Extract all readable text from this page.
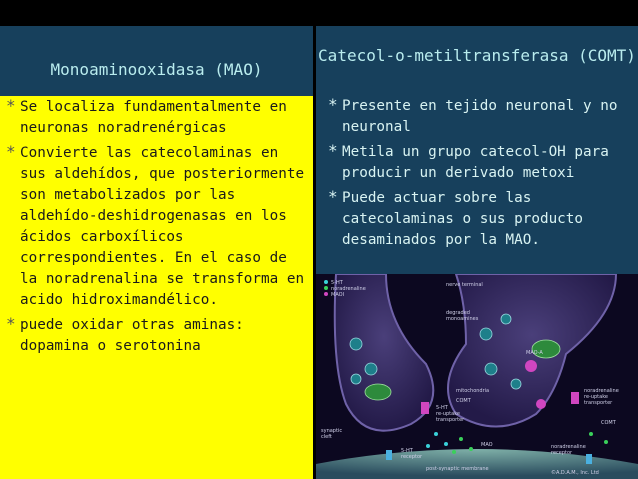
Monoaminooxidasa (MAO)
Catecol-o-metiltransferasa (COMT)
* Se localiza fundamentalmente en neuronas noradrenérgicas
* Convierte las catecolaminas en sus aldehídos, que posteriormente son metabolizados por las aldehído-deshidrogenasas en los ácidos carboxílicos correspondientes. En el caso de la noradrenalina se transforma en acido hidroximandélico.
* puede oxidar otras aminas: dopamina o serotonina
* Presente en tejido neuronal y no neuronal
* Metila un grupo catecol-OH para producir un derivado metoxi
* Puede actuar sobre las catecolaminas o sus producto desaminados por la MAO.
5-HT
noradrenaline
MAOI
nerve terminal
degraded
monoamines
MAO-A
mitochondria
COMT
5-HT
re-uptake
transporter
noradrenaline
re-uptake
transporter
synaptic
cleft
5-HT
receptor
noradrenaline
receptor
MAO
COMT
post-synaptic membrane
©A.D.A.M., Inc. Ltd
